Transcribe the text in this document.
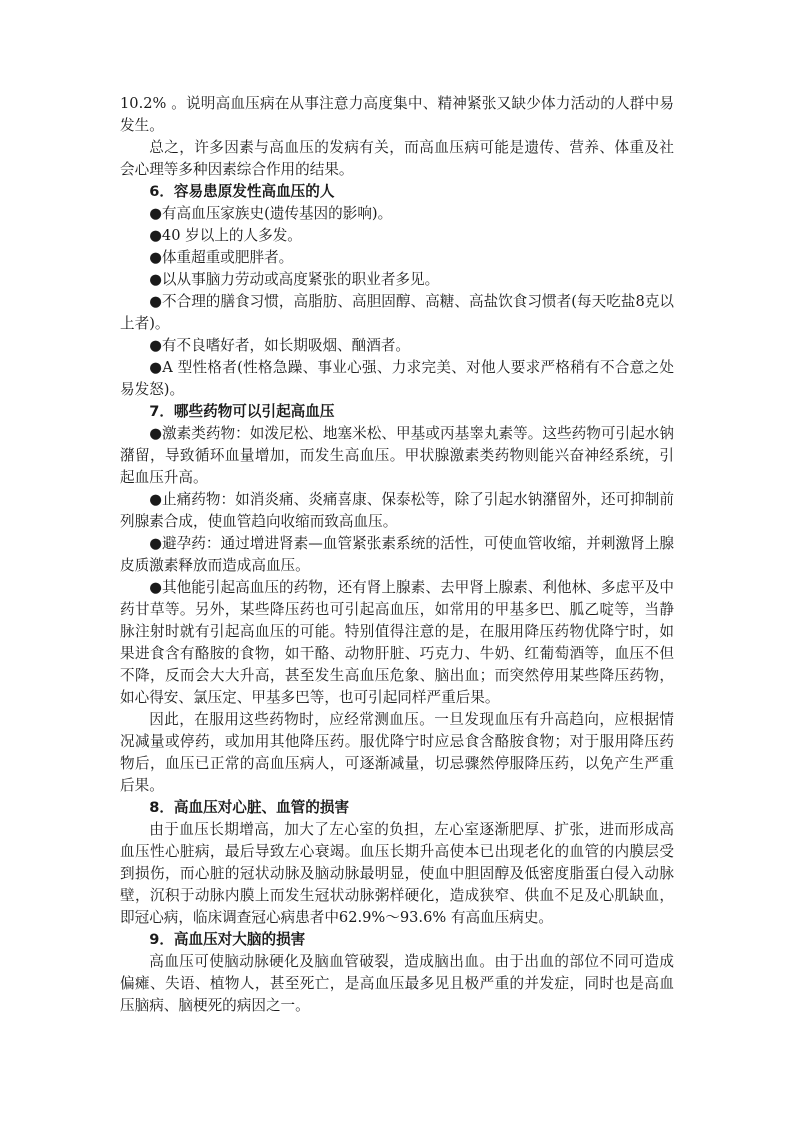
10.2% 。说明高血压病在从事注意力高度集中、精神紧张又缺少体力活动的人群中易发生。

总之，许多因素与高血压的发病有关，而高血压病可能是遗传、营养、体重及社会心理等多种因素综合作用的结果。

6．容易患原发性高血压的人

●有高血压家族史(遗传基因的影响)。

●40 岁以上的人多发。

●体重超重或肥胖者。

●以从事脑力劳动或高度紧张的职业者多见。

●不合理的膳食习惯，高脂肪、高胆固醇、高糖、高盐饮食习惯者(每天吃盐8克以上者)。

●有不良嗜好者，如长期吸烟、酗酒者。

●A 型性格者(性格急躁、事业心强、力求完美、对他人要求严格稍有不合意之处易发怒)。

7．哪些药物可以引起高血压

●激素类药物：如泼尼松、地塞米松、甲基或丙基睾丸素等。这些药物可引起水钠潴留，导致循环血量增加，而发生高血压。甲状腺激素类药物则能兴奋神经系统，引起血压升高。

●止痛药物：如消炎痛、炎痛喜康、保泰松等，除了引起水钠潴留外，还可抑制前列腺素合成，使血管趋向收缩而致高血压。

●避孕药：通过增进肾素—血管紧张素系统的活性，可使血管收缩，并刺激肾上腺皮质激素释放而造成高血压。

●其他能引起高血压的药物，还有肾上腺素、去甲肾上腺素、利他林、多虑平及中药甘草等。另外，某些降压药也可引起高血压，如常用的甲基多巴、胍乙啶等，当静脉注射时就有引起高血压的可能。特别值得注意的是，在服用降压药物优降宁时，如果进食含有酪胺的食物，如干酪、动物肝脏、巧克力、牛奶、红葡萄酒等，血压不但不降，反而会大大升高，甚至发生高血压危象、脑出血；而突然停用某些降压药物，如心得安、氯压定、甲基多巴等，也可引起同样严重后果。

因此，在服用这些药物时，应经常测血压。一旦发现血压有升高趋向，应根据情况减量或停药，或加用其他降压药。服优降宁时应忌食含酪胺食物；对于服用降压药物后，血压已正常的高血压病人，可逐渐减量，切忌骤然停服降压药，以免产生严重后果。

8．高血压对心脏、血管的损害

由于血压长期增高，加大了左心室的负担，左心室逐渐肥厚、扩张，进而形成高血压性心脏病，最后导致左心衰竭。血压长期升高使本已出现老化的血管的内膜层受到损伤，而心脏的冠状动脉及脑动脉最明显，使血中胆固醇及低密度脂蛋白侵入动脉壁，沉积于动脉内膜上而发生冠状动脉粥样硬化，造成狭窄、供血不足及心肌缺血，即冠心病，临床调查冠心病患者中62.9%～93.6% 有高血压病史。

9．高血压对大脑的损害

高血压可使脑动脉硬化及脑血管破裂，造成脑出血。由于出血的部位不同可造成偏瘫、失语、植物人，甚至死亡，是高血压最多见且极严重的并发症，同时也是高血压脑病、脑梗死的病因之一。
